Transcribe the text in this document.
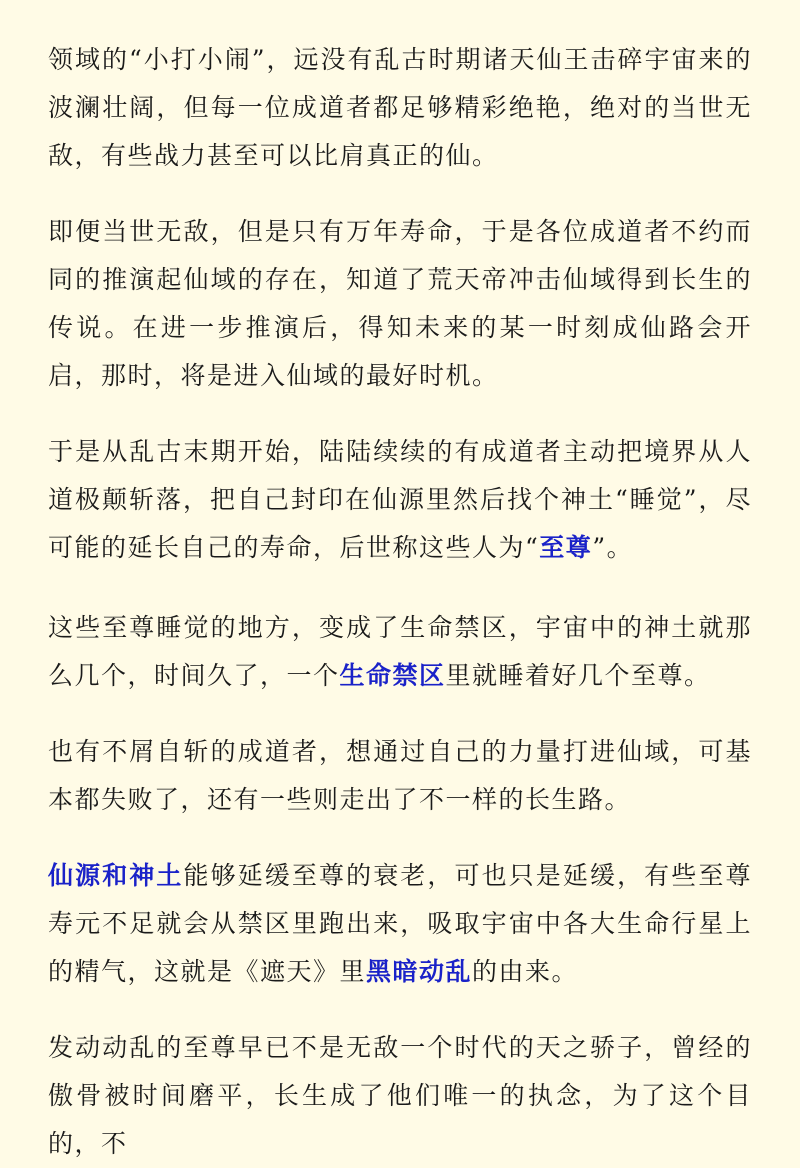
领域的“小打小闹”，远没有乱古时期诸天仙王击碎宇宙来的波澜壮阔，但每一位成道者都足够精彩绝艳，绝对的当世无敌，有些战力甚至可以比肩真正的仙。

即便当世无敌，但是只有万年寿命，于是各位成道者不约而同的推演起仙域的存在，知道了荒天帝冲击仙域得到长生的传说。在进一步推演后，得知未来的某一时刻成仙路会开启，那时，将是进入仙域的最好时机。

于是从乱古末期开始，陆陆续续的有成道者主动把境界从人道极颠斩落，把自己封印在仙源里然后找个神土“睡觉”，尽可能的延长自己的寿命，后世称这些人为“至尊”。

这些至尊睡觉的地方，变成了生命禁区，宇宙中的神土就那么几个，时间久了，一个生命禁区里就睡着好几个至尊。

也有不屑自斩的成道者，想通过自己的力量打进仙域，可基本都失败了，还有一些则走出了不一样的长生路。

仙源和神土能够延缓至尊的衰老，可也只是延缓，有些至尊寿元不足就会从禁区里跑出来，吸取宇宙中各大生命行星上的精气，这就是《遮天》里黑暗动乱的由来。

发动动乱的至尊早已不是无敌一个时代的天之骄子，曾经的傲骨被时间磨平，长生成了他们唯一的执念，为了这个目的，不
